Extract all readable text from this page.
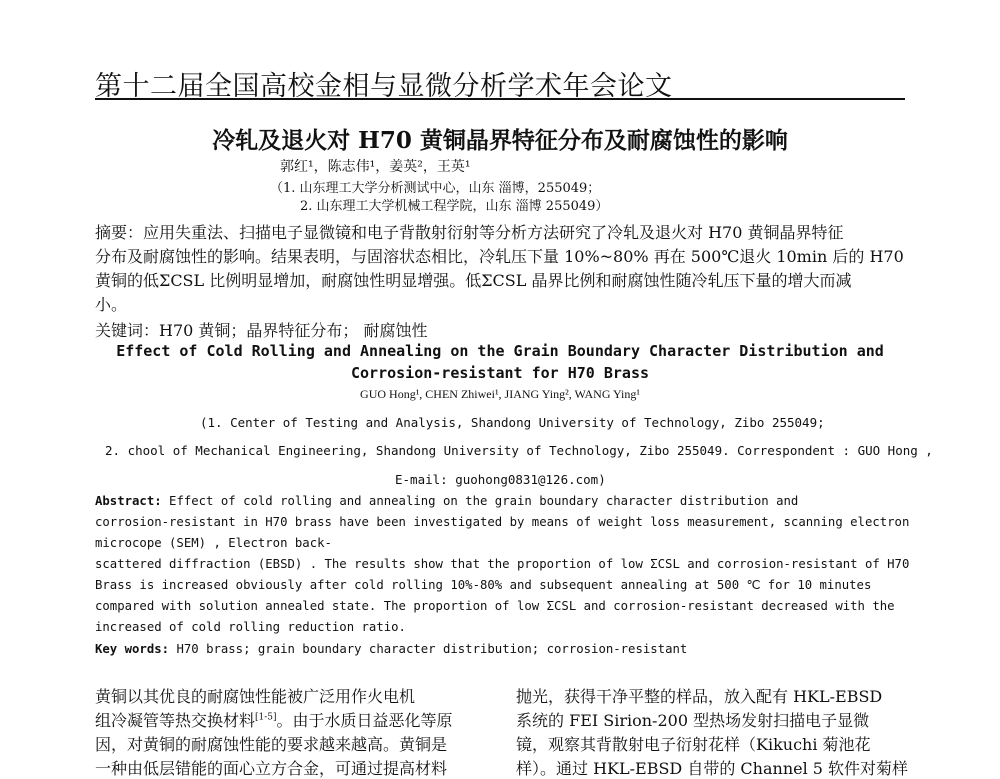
第十二届全国高校金相与显微分析学术年会论文
冷轧及退火对 H70 黄铜晶界特征分布及耐腐蚀性的影响
郭红¹，陈志伟¹，姜英²，王英¹
（1. 山东理工大学分析测试中心，山东 淄博，255049；
2. 山东理工大学机械工程学院，山东 淄博 255049）
摘要：应用失重法、扫描电子显微镜和电子背散射衍射等分析方法研究了冷轧及退火对 H70 黄铜晶界特征
分布及耐腐蚀性的影响。结果表明，与固溶状态相比，冷轧压下量 10%~80% 再在 500℃退火 10min 后的 H70
黄铜的低ΣCSL 比例明显增加，耐腐蚀性明显增强。低ΣCSL 晶界比例和耐腐蚀性随冷轧压下量的增大而减
小。
关键词：H70 黄铜；晶界特征分布； 耐腐蚀性
Effect of Cold Rolling and Annealing on the Grain Boundary Character Distribution and
Corrosion-resistant for H70 Brass
GUO Hong¹, CHEN Zhiwei¹, JIANG Ying², WANG Ying¹
(1. Center of Testing and Analysis, Shandong University of Technology, Zibo 255049;
2. chool of Mechanical Engineering, Shandong University of Technology, Zibo 255049. Correspondent : GUO Hong ,
E-mail: guohong0831@126.com)
Abstract: Effect of cold rolling and annealing on the grain boundary character distribution and
corrosion-resistant in H70 brass have been investigated by means of weight loss measurement, scanning electron
microcope (SEM) , Electron back-
scattered diffraction (EBSD) . The results show that the proportion of low ΣCSL and corrosion-resistant of H70
Brass is increased obviously after cold rolling 10%-80% and subsequent annealing at 500 ℃ for 10 minutes
compared with solution annealed state. The proportion of low ΣCSL and corrosion-resistant decreased with the
increased of cold rolling reduction ratio.
Key words: H70 brass; grain boundary character distribution; corrosion-resistant
黄铜以其优良的耐腐蚀性能被广泛用作火电机
组冷凝管等热交换材料[1-5]。由于水质日益恶化等原
因，对黄铜的耐腐蚀性能的要求越来越高。黄铜是
一种由低层错能的面心立方合金，可通过提高材料
抛光，获得干净平整的样品，放入配有 HKL-EBSD
系统的 FEI Sirion-200 型热场发射扫描电子显微
镜，观察其背散射电子衍射花样（Kikuchi 菊池花
样）。通过 HKL-EBSD 自带的 Channel 5 软件对菊样
